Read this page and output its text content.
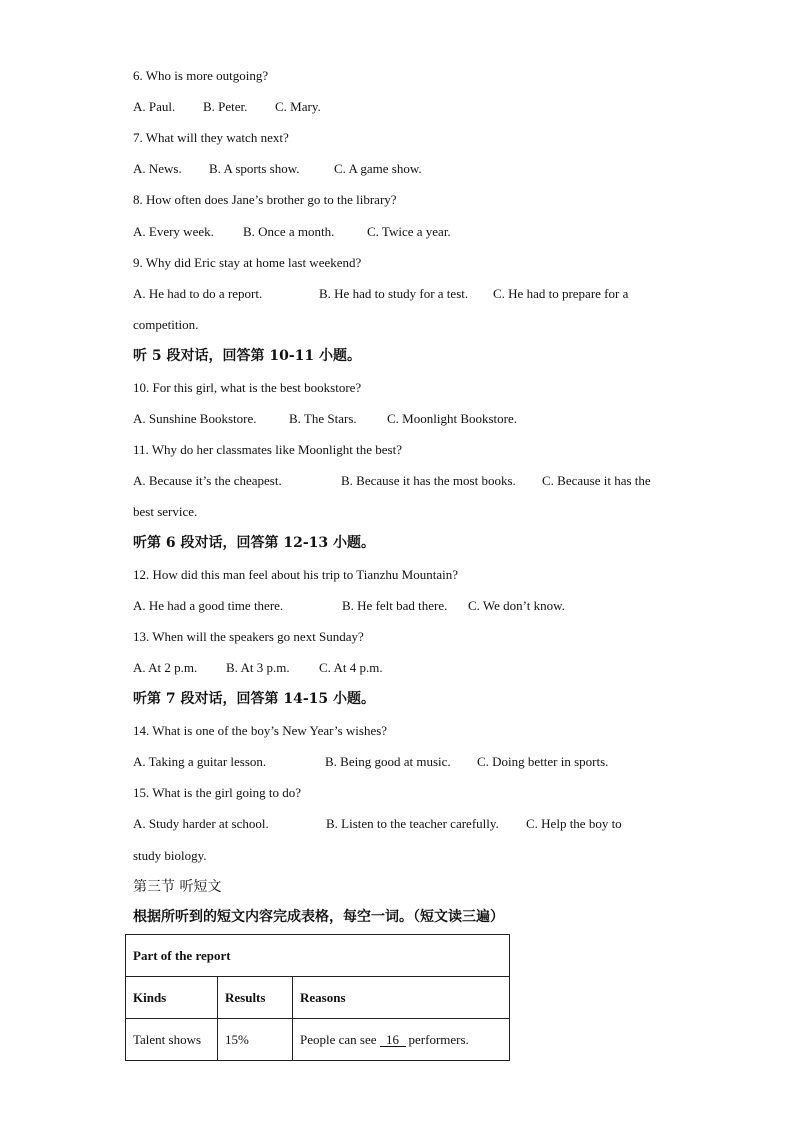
6. Who is more outgoing?
A. Paul. B. Peter. C. Mary.
7. What will they watch next?
A. News. B. A sports show.	C. A game show.
8. How often does Jane’s brother go to the library?
A. Every week. B. Once a month.	C. Twice a year.
9. Why did Eric stay at home last weekend?
A. He had to do a report.	B. He had to study for a test. C. He had to prepare for a
competition.
听 5 段对话，回答第 10-11 小题。
10. For this girl, what is the best bookstore?
A. Sunshine Bookstore.	B. The Stars. C. Moonlight Bookstore.
11. Why do her classmates like Moonlight the best?
A. Because it’s the cheapest.	B. Because it has the most books. C. Because it has the
best service.
听第 6 段对话，回答第 12-13 小题。
12. How did this man feel about his trip to Tianzhu Mountain?
A. He had a good time there.	B. He felt bad there. C. We don’t know.
13. When will the speakers go next Sunday?
A. At 2 p.m. B. At 3 p.m. C. At 4 p.m.
听第 7 段对话，回答第 14-15 小题。
14. What is one of the boy’s New Year’s wishes?
A. Taking a guitar lesson.	B. Being good at music. C. Doing better in sports.
15. What is the girl going to do?
A. Study harder at school.	B. Listen to the teacher carefully. C. Help the boy to
study biology.
第三节 听短文
根据所听到的短文内容完成表格，每空一词。（短文读三遍）
Part of the report		
Kinds	Results	Reasons
Talent shows	15%	People can see 16 performers.
